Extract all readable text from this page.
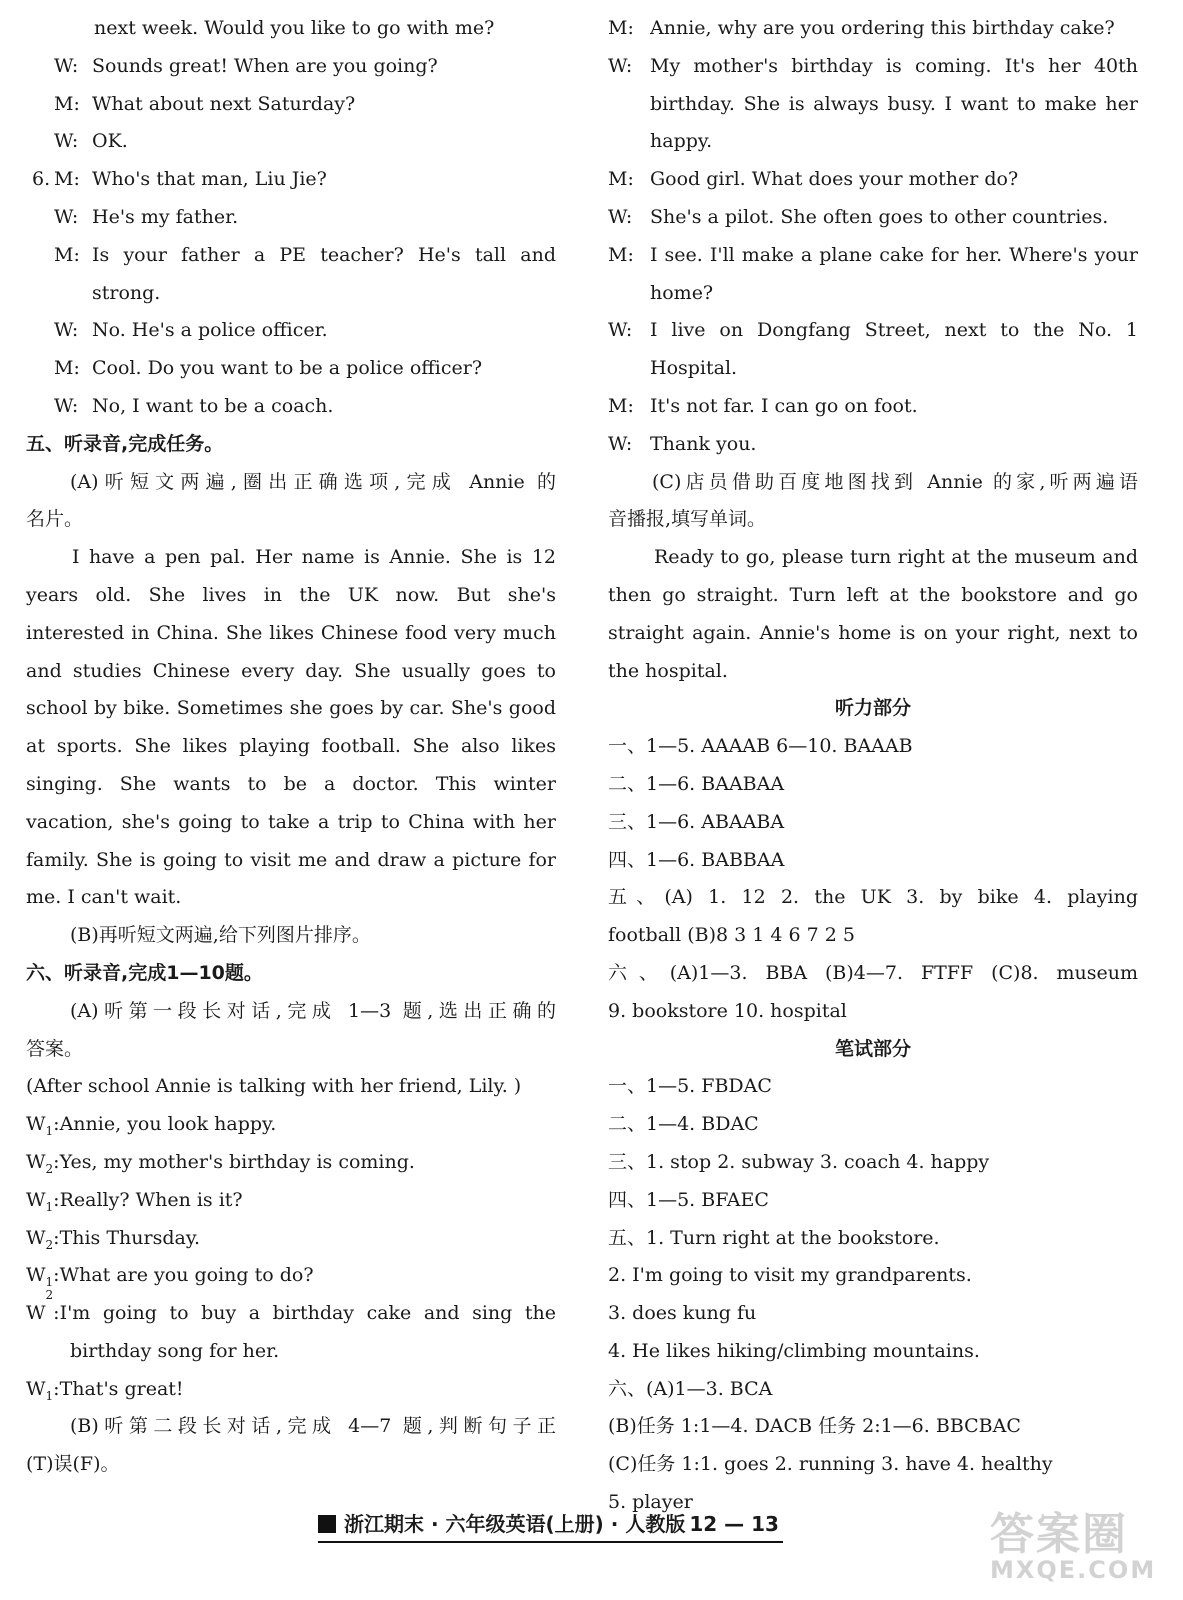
next week. Would you like to go with me?
W: Sounds great! When are you going?
M: What about next Saturday?
W: OK.
6. M: Who's that man, Liu Jie?
W: He's my father.
M: Is your father a PE teacher? He's tall and
strong.
W: No. He's a police officer.
M: Cool. Do you want to be a police officer?
W: No, I want to be a coach.
五、听录音,完成任务。
(A)听短文两遍,圈出正确选项,完成 Annie 的
名片。
I have a pen pal. Her name is Annie. She is 12
years old. She lives in the UK now. But she's
interested in China. She likes Chinese food very much
and studies Chinese every day. She usually goes to
school by bike. Sometimes she goes by car. She's good
at sports. She likes playing football. She also likes
singing. She wants to be a doctor. This winter
vacation, she's going to take a trip to China with her
family. She is going to visit me and draw a picture for
me. I can't wait.
(B)再听短文两遍,给下列图片排序。
六、听录音,完成1—10题。
(A)听第一段长对话,完成 1—3 题,选出正确的
答案。
(After school Annie is talking with her friend, Lily. )
$W_1:Annie$, you look happy.
$W_2:Yes$, my mother's birthday is coming.
$W_1:Really$? When is it?
$W_2:This$ Thursday.
$W_1:What$ are you going to do?
W
2
:I'm going to buy a birthday cake and sing the
birthday song for her.
$W_1:That's$ great!
(B)听第二段长对话,完成 4—7 题,判断句子正
(T)误(F)。
M: Annie, why are you ordering this birthday cake?
W: My mother's birthday is coming. It's her 40th
birthday. She is always busy. I want to make her
happy.
M: Good girl. What does your mother do?
W: She's a pilot. She often goes to other countries.
M: I see. I'll make a plane cake for her. Where's your
home?
W: I live on Dongfang Street, next to the No. 1
Hospital.
M: It's not far. I can go on foot.
W: Thank you.
(C)店员借助百度地图找到 Annie 的家,听两遍语
音播报,填写单词。
Ready to go, please turn right at the museum and
then go straight. Turn left at the bookstore and go
straight again. Annie's home is on your right, next to
the hospital.
听力部分
一、1—5. AAAAB 6—10. BAAAB
二、1—6. BAABAA
三、1—6. ABAABA
四、1—6. BABBAA
五、(A) 1. 12 2. the UK 3. by bike 4. playing
football (B)8 3 1 4 6 7 2 5
六、(A)1—3. BBA (B)4—7. FTFF (C)8. museum
9. bookstore 10. hospital
笔试部分
一、1—5. FBDAC
二、1—4. BDAC
三、1. stop 2. subway 3. coach 4. happy
四、1—5. BFAEC
五、1. Turn right at the bookstore.
2. I'm going to visit my grandparents.
3. does kung fu
4. He likes hiking/climbing mountains.
六、(A)1—3. BCA
(B)任务 1:1—4. DACB 任务 2:1—6. BBCBAC
(C)任务 1:1. goes 2. running 3. have 4. healthy
5. player
浙江期末 · 六年级英语(上册) · 人教版 12 — 13	答案圈
MXQE.COM
